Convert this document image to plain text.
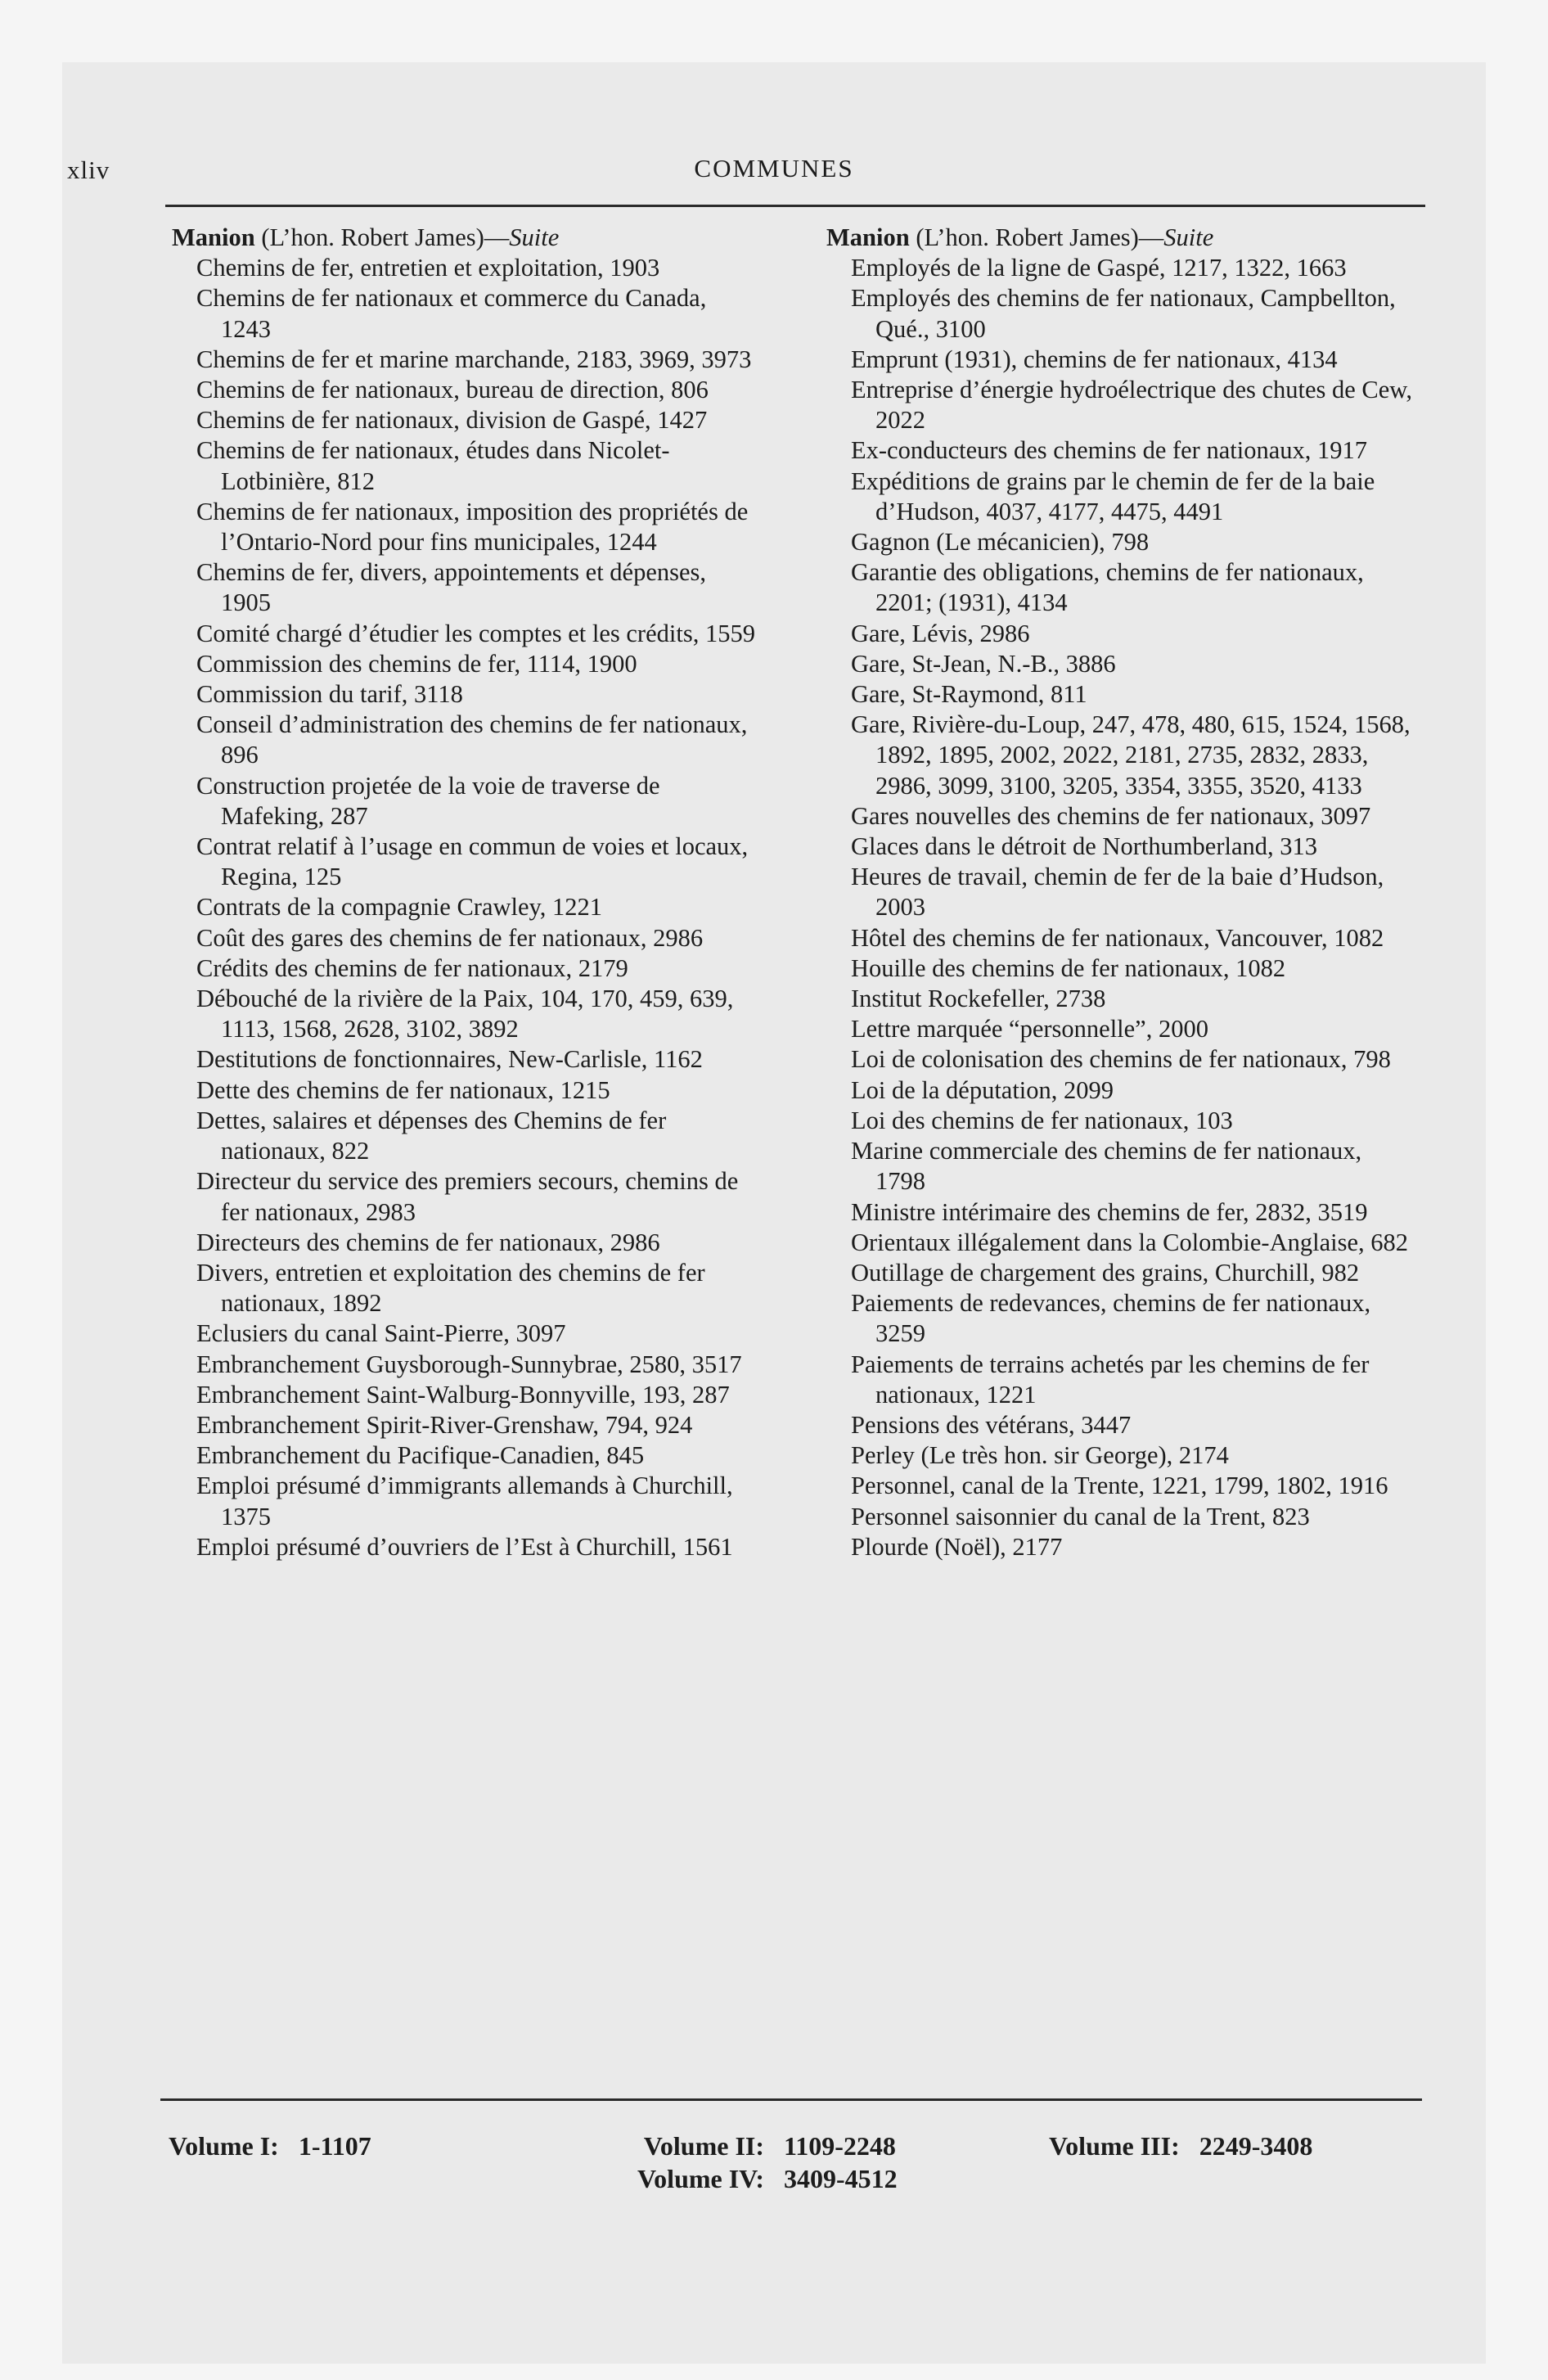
xliv	COMMUNES
Manion (L’hon. Robert James)—Suite

Chemins de fer, entretien et exploitation, 1903

Chemins de fer nationaux et commerce du Canada, 1243

Chemins de fer et marine marchande, 2183, 3969, 3973

Chemins de fer nationaux, bureau de direction, 806

Chemins de fer nationaux, division de Gaspé, 1427

Chemins de fer nationaux, études dans Nicolet-Lotbinière, 812

Chemins de fer nationaux, imposition des propriétés de l’Ontario-Nord pour fins municipales, 1244

Chemins de fer, divers, appointements et dépenses, 1905

Comité chargé d’étudier les comptes et les crédits, 1559

Commission des chemins de fer, 1114, 1900

Commission du tarif, 3118

Conseil d’administration des chemins de fer nationaux, 896

Construction projetée de la voie de traverse de Mafeking, 287

Contrat relatif à l’usage en commun de voies et locaux, Regina, 125

Contrats de la compagnie Crawley, 1221

Coût des gares des chemins de fer nationaux, 2986

Crédits des chemins de fer nationaux, 2179

Débouché de la rivière de la Paix, 104, 170, 459, 639, 1113, 1568, 2628, 3102, 3892

Destitutions de fonctionnaires, New-Carlisle, 1162

Dette des chemins de fer nationaux, 1215

Dettes, salaires et dépenses des Chemins de fer nationaux, 822

Directeur du service des premiers secours, chemins de fer nationaux, 2983

Directeurs des chemins de fer nationaux, 2986

Divers, entretien et exploitation des chemins de fer nationaux, 1892

Eclusiers du canal Saint-Pierre, 3097

Embranchement Guysborough-Sunnybrae, 2580, 3517

Embranchement Saint-Walburg-Bonnyville, 193, 287

Embranchement Spirit-River-Grenshaw, 794, 924

Embranchement du Pacifique-Canadien, 845

Emploi présumé d’immigrants allemands à Churchill, 1375

Emploi présumé d’ouvriers de l’Est à Churchill, 1561

Manion (L’hon. Robert James)—Suite

Employés de la ligne de Gaspé, 1217, 1322, 1663

Employés des chemins de fer nationaux, Campbellton, Qué., 3100

Emprunt (1931), chemins de fer nationaux, 4134

Entreprise d’énergie hydroélectrique des chutes de Cew, 2022

Ex-conducteurs des chemins de fer nationaux, 1917

Expéditions de grains par le chemin de fer de la baie d’Hudson, 4037, 4177, 4475, 4491

Gagnon (Le mécanicien), 798

Garantie des obligations, chemins de fer nationaux, 2201; (1931), 4134

Gare, Lévis, 2986

Gare, St-Jean, N.-B., 3886

Gare, St-Raymond, 811

Gare, Rivière-du-Loup, 247, 478, 480, 615, 1524, 1568, 1892, 1895, 2002, 2022, 2181, 2735, 2832, 2833, 2986, 3099, 3100, 3205, 3354, 3355, 3520, 4133

Gares nouvelles des chemins de fer nationaux, 3097

Glaces dans le détroit de Northumberland, 313

Heures de travail, chemin de fer de la baie d’Hudson, 2003

Hôtel des chemins de fer nationaux, Vancouver, 1082

Houille des chemins de fer nationaux, 1082

Institut Rockefeller, 2738

Lettre marquée “personnelle”, 2000

Loi de colonisation des chemins de fer nationaux, 798

Loi de la députation, 2099

Loi des chemins de fer nationaux, 103

Marine commerciale des chemins de fer nationaux, 1798

Ministre intérimaire des chemins de fer, 2832, 3519

Orientaux illégalement dans la Colombie-Anglaise, 682

Outillage de chargement des grains, Churchill, 982

Paiements de redevances, chemins de fer nationaux, 3259

Paiements de terrains achetés par les chemins de fer nationaux, 1221

Pensions des vétérans, 3447

Perley (Le très hon. sir George), 2174

Personnel, canal de la Trente, 1221, 1799, 1802, 1916

Personnel saisonnier du canal de la Trent, 823

Plourde (Noël), 2177

Volume I: 1-1107	Volume II: 1109-2248
Volume IV: 3409-4512
Volume III: 2249-3408
